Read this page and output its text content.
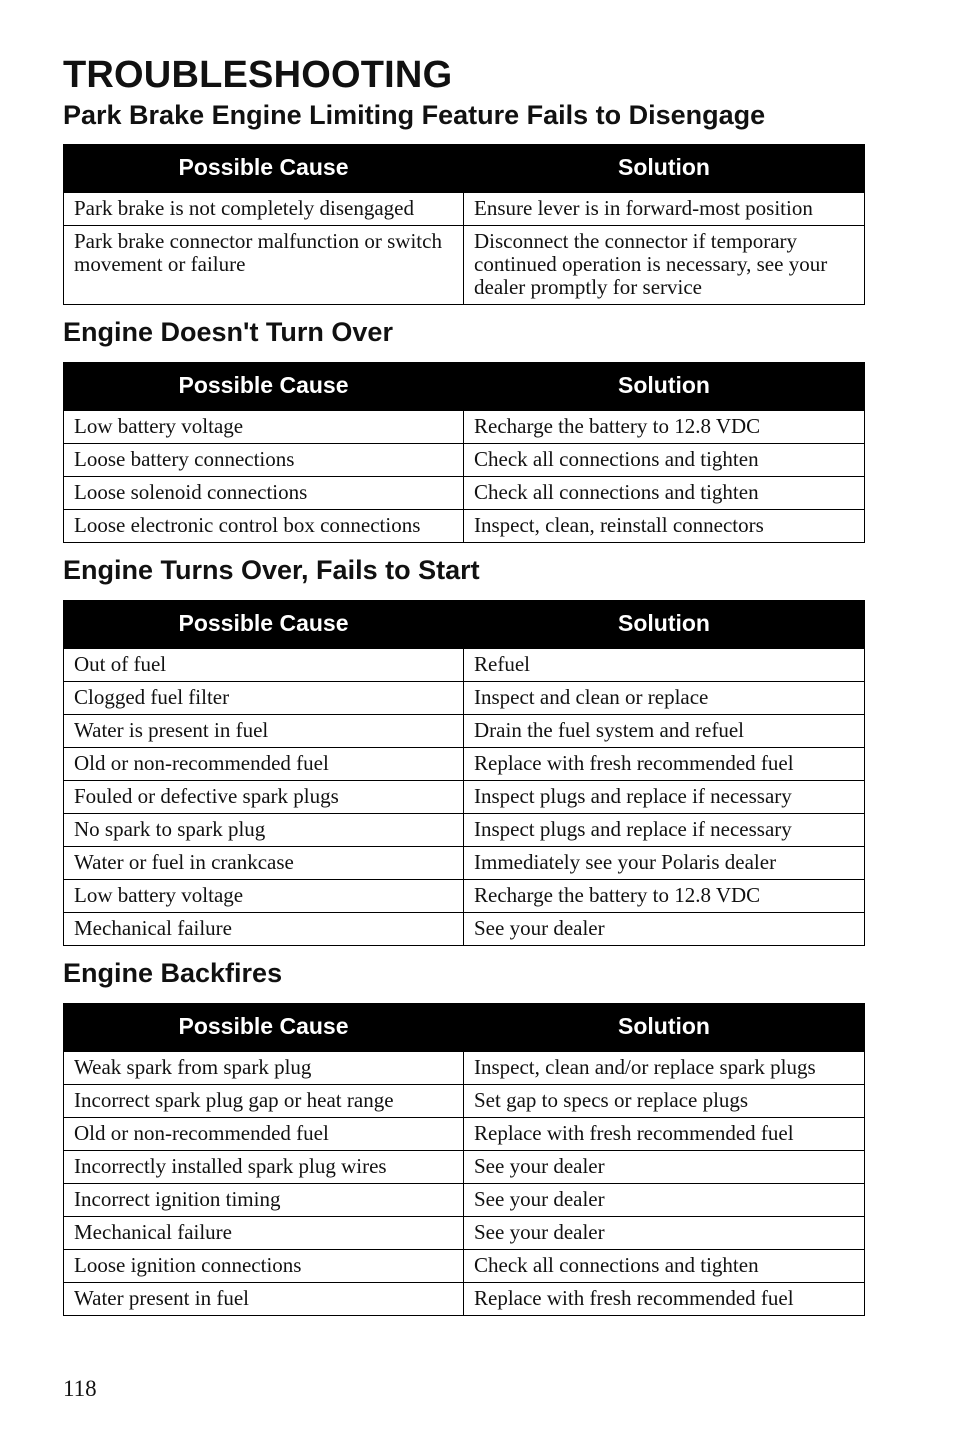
TROUBLESHOOTING
Park Brake Engine Limiting Feature Fails to Disengage
Possible Cause	Solution
Park brake is not completely disengaged	Ensure lever is in forward-most position
Park brake connector malfunction or switch movement or failure	Disconnect the connector if temporary continued operation is necessary, see your dealer promptly for service
Engine Doesn't Turn Over
Possible Cause	Solution
Low battery voltage	Recharge the battery to 12.8 VDC
Loose battery connections	Check all connections and tighten
Loose solenoid connections	Check all connections and tighten
Loose electronic control box connections	Inspect, clean, reinstall connectors
Engine Turns Over, Fails to Start
Possible Cause	Solution
Out of fuel	Refuel
Clogged fuel filter	Inspect and clean or replace
Water is present in fuel	Drain the fuel system and refuel
Old or non-recommended fuel	Replace with fresh recommended fuel
Fouled or defective spark plugs	Inspect plugs and replace if necessary
No spark to spark plug	Inspect plugs and replace if necessary
Water or fuel in crankcase	Immediately see your Polaris dealer
Low battery voltage	Recharge the battery to 12.8 VDC
Mechanical failure	See your dealer
Engine Backfires
Possible Cause	Solution
Weak spark from spark plug	Inspect, clean and/or replace spark plugs
Incorrect spark plug gap or heat range	Set gap to specs or replace plugs
Old or non-recommended fuel	Replace with fresh recommended fuel
Incorrectly installed spark plug wires	See your dealer
Incorrect ignition timing	See your dealer
Mechanical failure	See your dealer
Loose ignition connections	Check all connections and tighten
Water present in fuel	Replace with fresh recommended fuel
118
